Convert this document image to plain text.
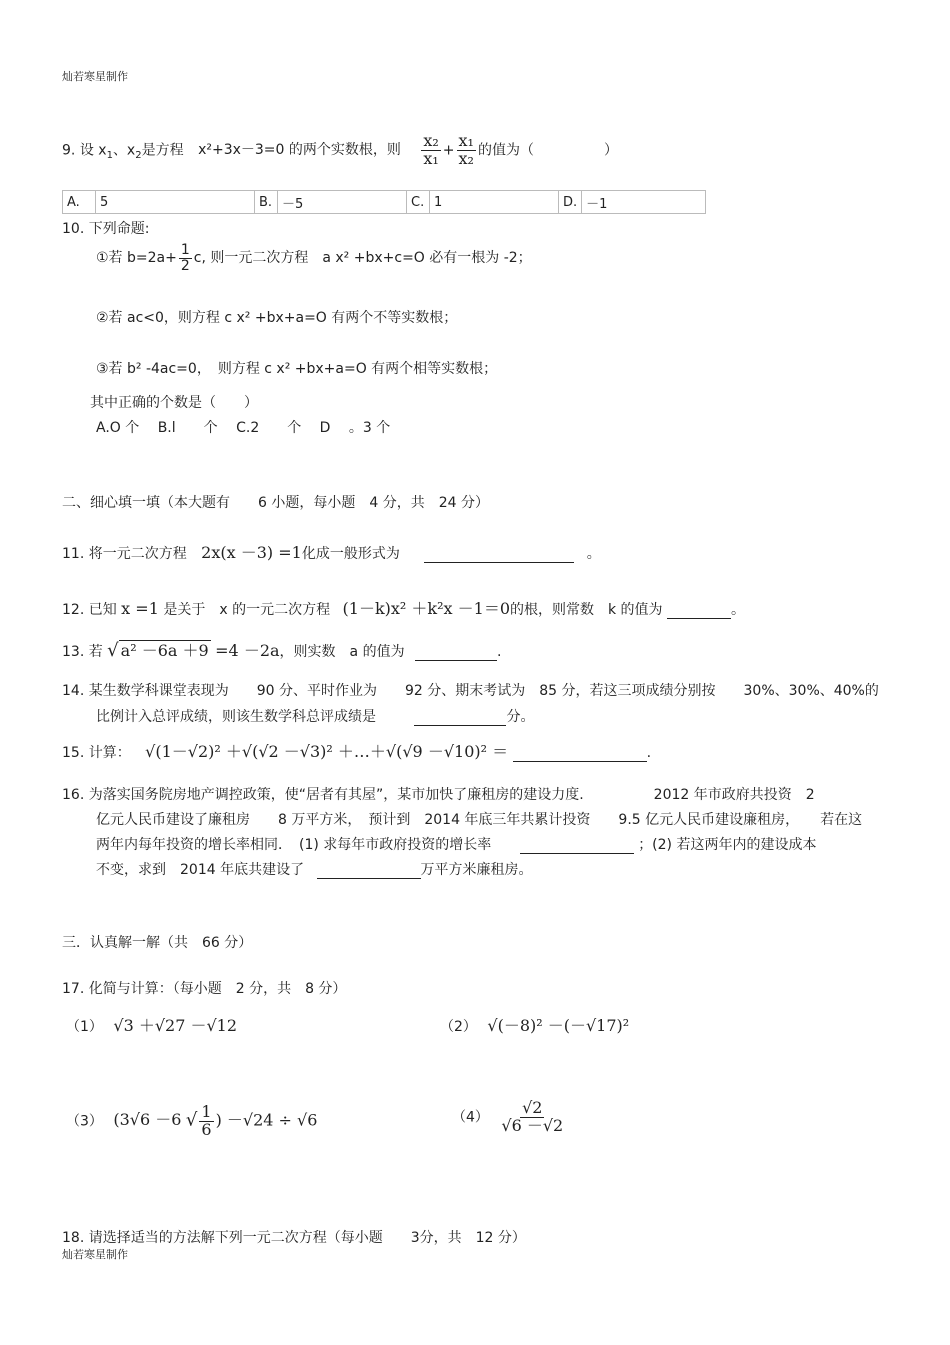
灿若寒星制作
灿若寒星制作
9. 设 $x_1$、$x_2$是方程 x²+3x－3=0 的两个实数根，则 $\frac{\text{x₂}}{\text{x₁}} + \frac{\text{x₁}}{\text{x₂}}$ 的值为（　　　　　）
A.	5	B.	－5	C.	1	D.	－1
10. 下列命题:
①若 $b=2a+ \frac{1}{2} c$, 则一元二次方程　a x² +bx+c=O 必有一根为 -2；
②若 ac<0，则方程 c x² +bx+a=O 有两个不等实数根；
③若 b² -4ac=0，　则方程 c x² +bx+a=O 有两个相等实数根；
其中正确的个数是（　　）
A.O 个　 B.l　　个　 C.2　　个　 D　 。3 个
二、细心填一填（本大题有　　6 小题，每小题　4 分，共　24 分）
11. 将一元二次方程 2x(x －3) =1化成一般形式为	。
12. 已知 x =1 是关于　x 的一元二次方程 (1－k)x² ＋k²x －1＝0的根，则常数　k 的值为	。
13. 若 √ a² －6a ＋9 =4 －2a，则实数　a 的值为	.
14. 某生数学科课堂表现为　　90 分、平时作业为　　92 分、期末考试为　85 分，若这三项成绩分别按　　30%、30%、40%的
比例计入总评成绩，则该生数学科总评成绩是	分。
15. 计算： √(1－√2)² ＋√(√2 －√3)² ＋…＋√(√9 －√10)² ＝	.
16. 为落实国务院房地产调控政策，使“居者有其屋”，某市加快了廉租房的建设力度.　　　　　2012 年市政府共投资　2
亿元人民币建设了廉租房　　8 万平方米，　预计到　2014 年底三年共累计投资　　9.5 亿元人民币建设廉租房，　　若在这
两年内每年投资的增长率相同．　(1) 求每年市政府投资的增长率	；(2) 若这两年内的建设成本
不变，求到　2014 年底共建设了	万平方米廉租房。
三．认真解一解（共　66 分）
17. 化简与计算：（每小题　2 分，共　8 分）
（1） √3 ＋√27 －√12	（2） √(－8)² －(－√17)²
（3） (3√6 －6 √ $\frac{1}{6}$ ) －√24 ÷ √6	$(4) \frac{√2}{√6 -√2}$
18. 请选择适当的方法解下列一元二次方程（每小题　　3分，共　12 分）
